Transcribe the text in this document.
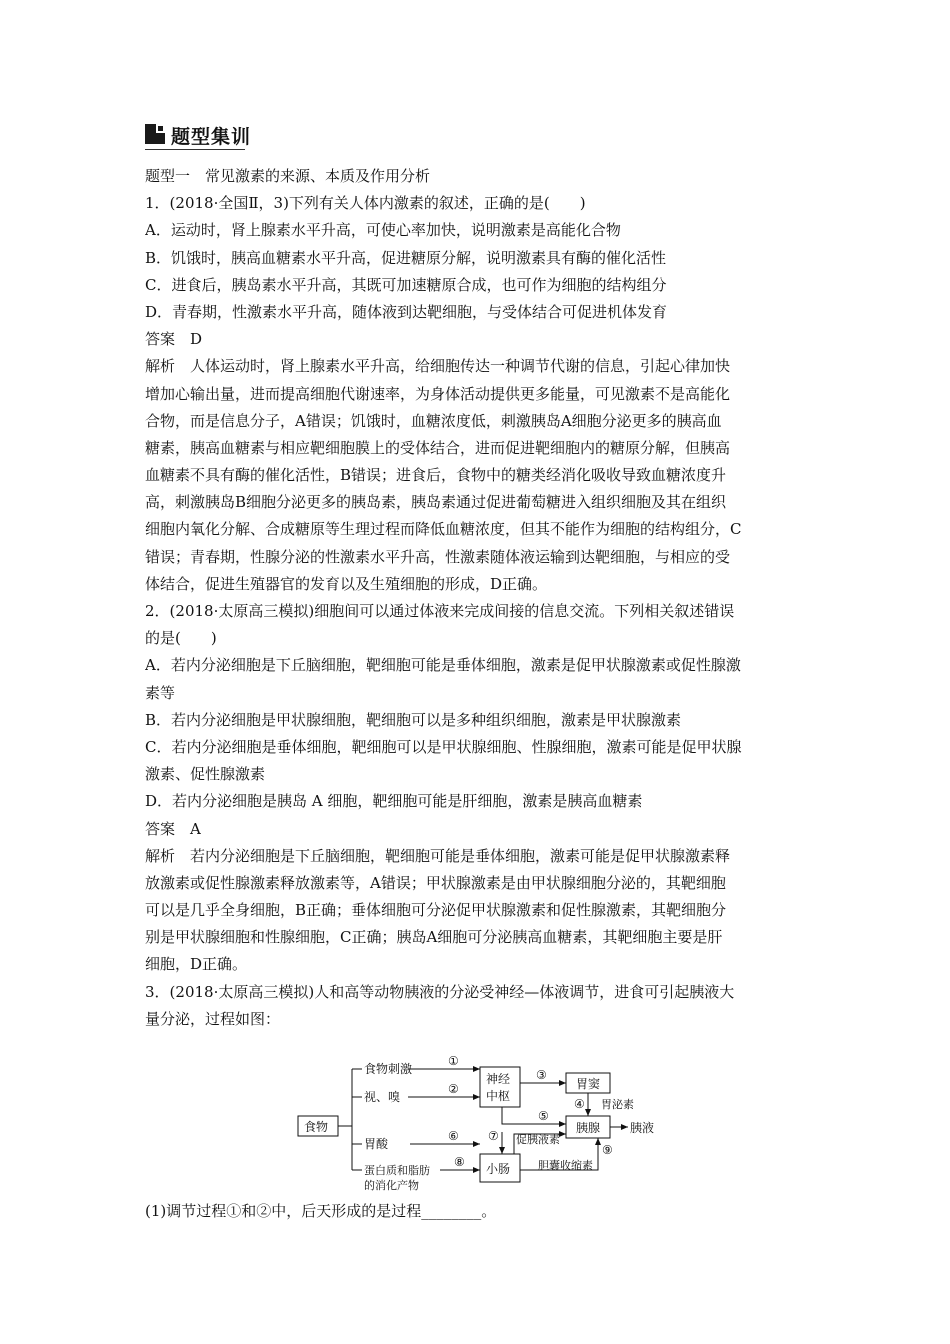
题型集训
题型一　常见激素的来源、本质及作用分析
1．(2018·全国Ⅱ，3)下列有关人体内激素的叙述，正确的是(　　)
A．运动时，肾上腺素水平升高，可使心率加快，说明激素是高能化合物
B．饥饿时，胰高血糖素水平升高，促进糖原分解，说明激素具有酶的催化活性
C．进食后，胰岛素水平升高，其既可加速糖原合成，也可作为细胞的结构组分
D．青春期，性激素水平升高，随体液到达靶细胞，与受体结合可促进机体发育
答案　D
解析　人体运动时，肾上腺素水平升高，给细胞传达一种调节代谢的信息，引起心律加快
增加心输出量，进而提高细胞代谢速率，为身体活动提供更多能量，可见激素不是高能化
合物，而是信息分子，A错误；饥饿时，血糖浓度低，刺激胰岛A细胞分泌更多的胰高血
糖素，胰高血糖素与相应靶细胞膜上的受体结合，进而促进靶细胞内的糖原分解，但胰高
血糖素不具有酶的催化活性，B错误；进食后，食物中的糖类经消化吸收导致血糖浓度升
高，刺激胰岛B细胞分泌更多的胰岛素，胰岛素通过促进葡萄糖进入组织细胞及其在组织
细胞内氧化分解、合成糖原等生理过程而降低血糖浓度，但其不能作为细胞的结构组分，C
错误；青春期，性腺分泌的性激素水平升高，性激素随体液运输到达靶细胞，与相应的受
体结合，促进生殖器官的发育以及生殖细胞的形成，D正确。
2．(2018·太原高三模拟)细胞间可以通过体液来完成间接的信息交流。下列相关叙述错误
的是(　　)
A．若内分泌细胞是下丘脑细胞，靶细胞可能是垂体细胞，激素是促甲状腺激素或促性腺激
素等
B．若内分泌细胞是甲状腺细胞，靶细胞可以是多种组织细胞，激素是甲状腺激素
C．若内分泌细胞是垂体细胞，靶细胞可以是甲状腺细胞、性腺细胞，激素可能是促甲状腺
激素、促性腺激素
D．若内分泌细胞是胰岛 A 细胞，靶细胞可能是肝细胞，激素是胰高血糖素
答案　A
解析　若内分泌细胞是下丘脑细胞，靶细胞可能是垂体细胞，激素可能是促甲状腺激素释
放激素或促性腺激素释放激素等，A错误；甲状腺激素是由甲状腺细胞分泌的，其靶细胞
可以是几乎全身细胞，B正确；垂体细胞可分泌促甲状腺激素和促性腺激素，其靶细胞分
别是甲状腺细胞和性腺细胞，C正确；胰岛A细胞可分泌胰高血糖素，其靶细胞主要是肝
细胞，D正确。
3．(2018·太原高三模拟)人和高等动物胰液的分泌受神经—体液调节，进食可引起胰液大
量分泌，过程如图：
食物
食物刺激
视、嗅
胃酸
蛋白质和脂肪
的消化产物
神经
中枢
胃窦
胃泌素
胰腺 胰液
小肠
促胰液素
胆囊收缩素
①
②
③
④
⑤
⑥ ⑦
⑧
⑨
(1)调节过程①和②中，后天形成的是过程________。
